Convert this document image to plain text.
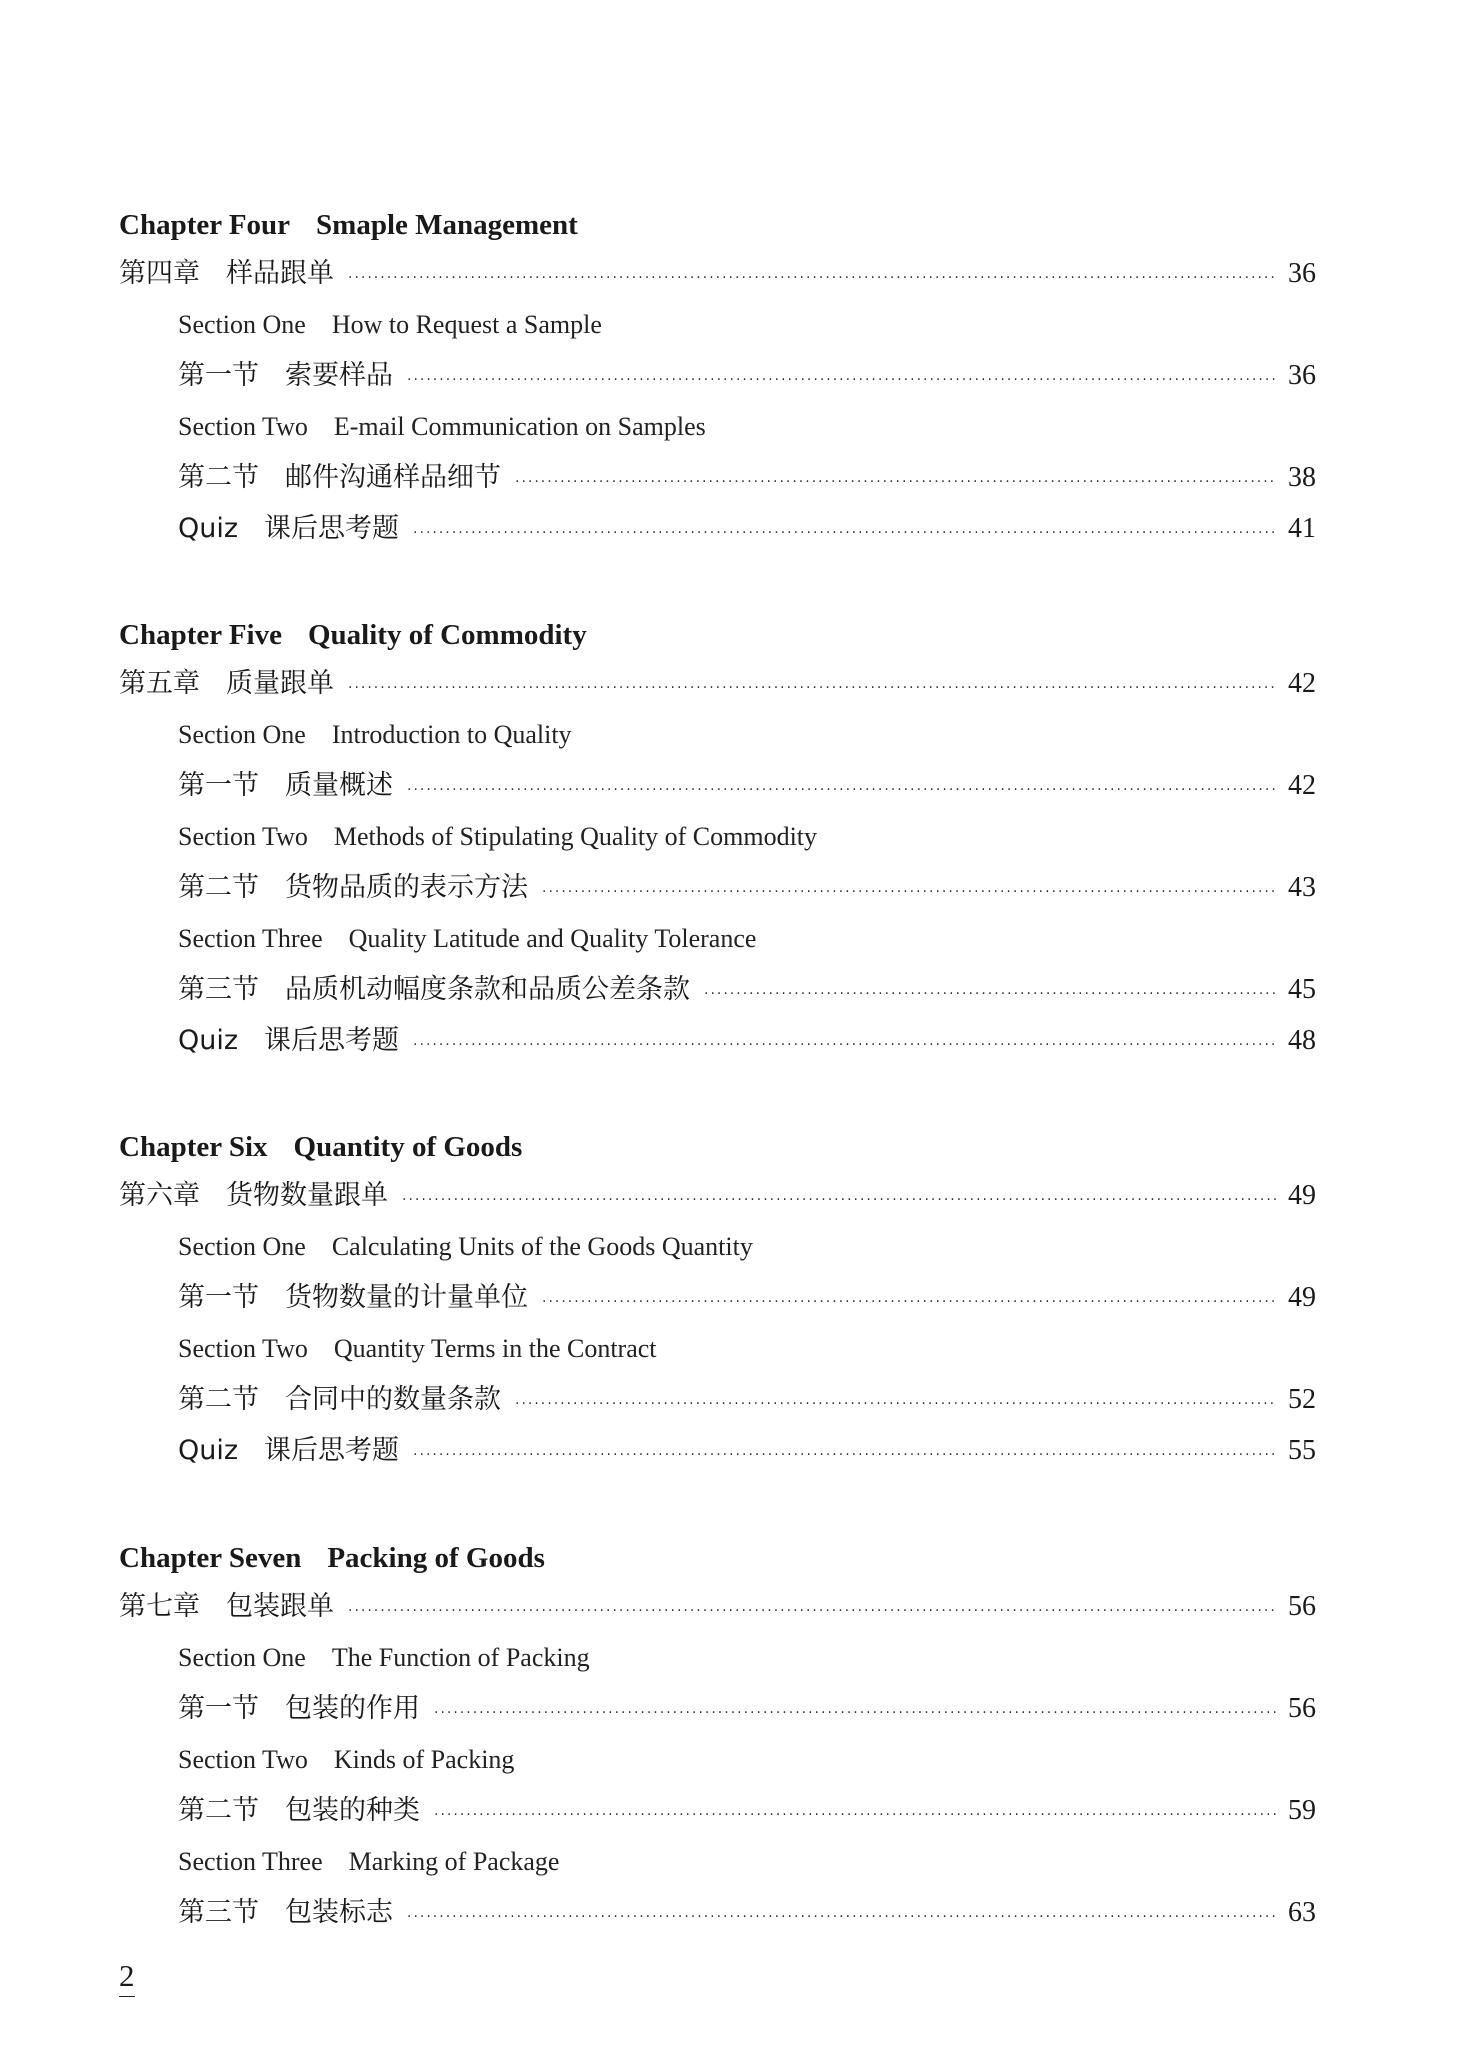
Chapter Four Smaple Management
第四章 样品跟单 ·····	36
Section One How to Request a Sample
第一节 索要样品 ·····	36
Section Two E-mail Communication on Samples
第二节 邮件沟通样品细节 ·····	38
Quiz 课后思考题 ·····	41
Chapter Five Quality of Commodity
第五章 质量跟单 ·····	42
Section One Introduction to Quality
第一节 质量概述 ·····	42
Section Two Methods of Stipulating Quality of Commodity
第二节 货物品质的表示方法 ·····	43
Section Three Quality Latitude and Quality Tolerance
第三节 品质机动幅度条款和品质公差条款 ·····	45
Quiz 课后思考题 ·····	48
Chapter Six Quantity of Goods
第六章 货物数量跟单 ·····	49
Section One Calculating Units of the Goods Quantity
第一节 货物数量的计量单位 ·····	49
Section Two Quantity Terms in the Contract
第二节 合同中的数量条款 ·····	52
Quiz 课后思考题 ·····	55
Chapter Seven Packing of Goods
第七章 包装跟单 ·····	56
Section One The Function of Packing
第一节 包装的作用 ·····	56
Section Two Kinds of Packing
第二节 包装的种类 ·····	59
Section Three Marking of Package
第三节 包装标志 ·····	63
2
